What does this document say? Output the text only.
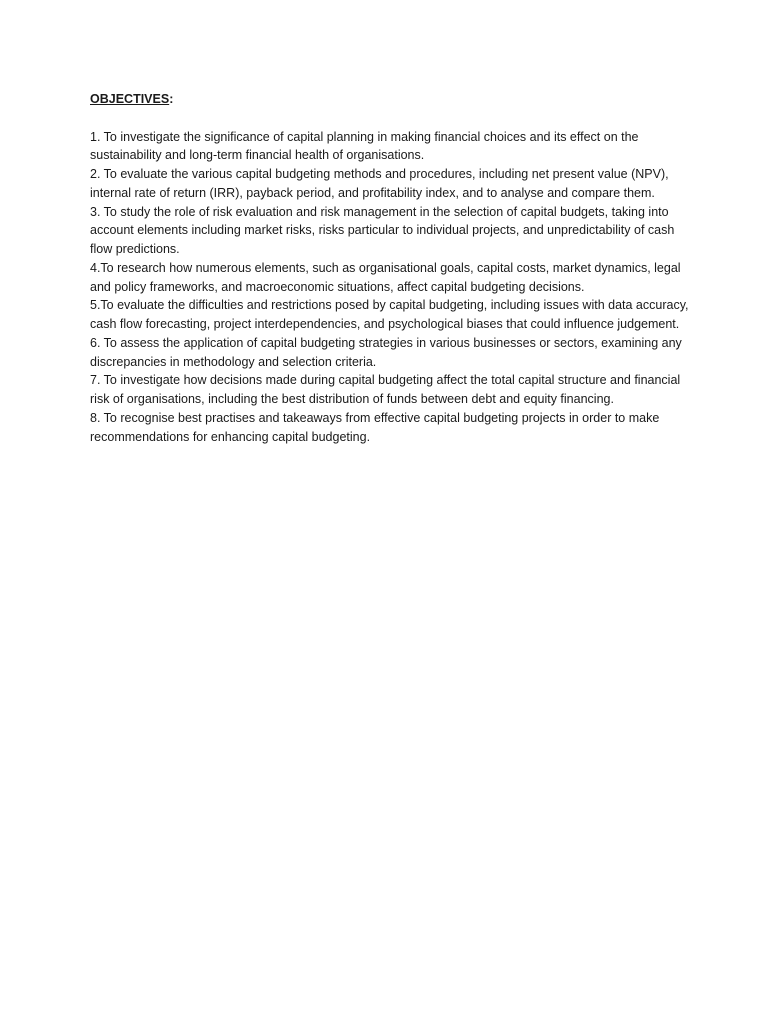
OBJECTIVES:

1. To investigate the significance of capital planning in making financial choices and its effect on the sustainability and long-term financial health of organisations.

2. To evaluate the various capital budgeting methods and procedures, including net present value (NPV), internal rate of return (IRR), payback period, and profitability index, and to analyse and compare them.

3. To study the role of risk evaluation and risk management in the selection of capital budgets, taking into account elements including market risks, risks particular to individual projects, and unpredictability of cash flow predictions.

4.To research how numerous elements, such as organisational goals, capital costs, market dynamics, legal and policy frameworks, and macroeconomic situations, affect capital budgeting decisions.

5.To evaluate the difficulties and restrictions posed by capital budgeting, including issues with data accuracy, cash flow forecasting, project interdependencies, and psychological biases that could influence judgement.

6. To assess the application of capital budgeting strategies in various businesses or sectors, examining any discrepancies in methodology and selection criteria.

7. To investigate how decisions made during capital budgeting affect the total capital structure and financial risk of organisations, including the best distribution of funds between debt and equity financing.

8. To recognise best practises and takeaways from effective capital budgeting projects in order to make recommendations for enhancing capital budgeting.
